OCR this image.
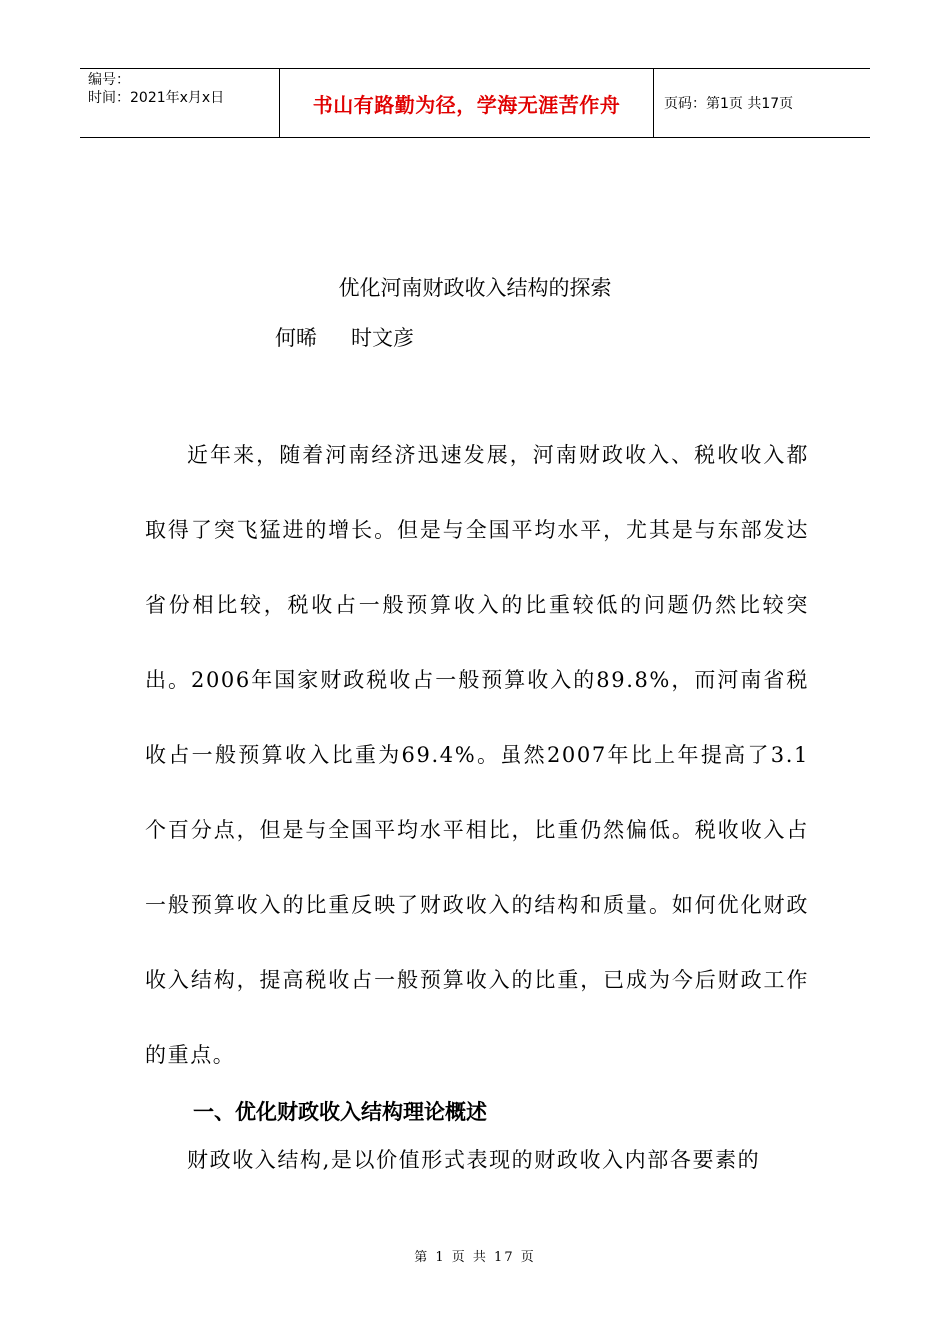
编号：
时间：2021年x月x日	书山有路勤为径，学海无涯苦作舟	页码：第1页 共17页
优化河南财政收入结构的探索
何晞 时文彦

近年来，随着河南经济迅速发展，河南财政收入、税收收入都取得了突飞猛进的增长。但是与全国平均水平，尤其是与东部发达省份相比较，税收占一般预算收入的比重较低的问题仍然比较突出。2006年国家财政税收占一般预算收入的89.8%，而河南省税收占一般预算收入比重为69.4%。虽然2007年比上年提高了3.1个百分点，但是与全国平均水平相比，比重仍然偏低。税收收入占一般预算收入的比重反映了财政收入的结构和质量。如何优化财政收入结构，提高税收占一般预算收入的比重，已成为今后财政工作的重点。

一、优化财政收入结构理论概述

财政收入结构,是以价值形式表现的财政收入内部各要素的

第 1 页 共 17 页
